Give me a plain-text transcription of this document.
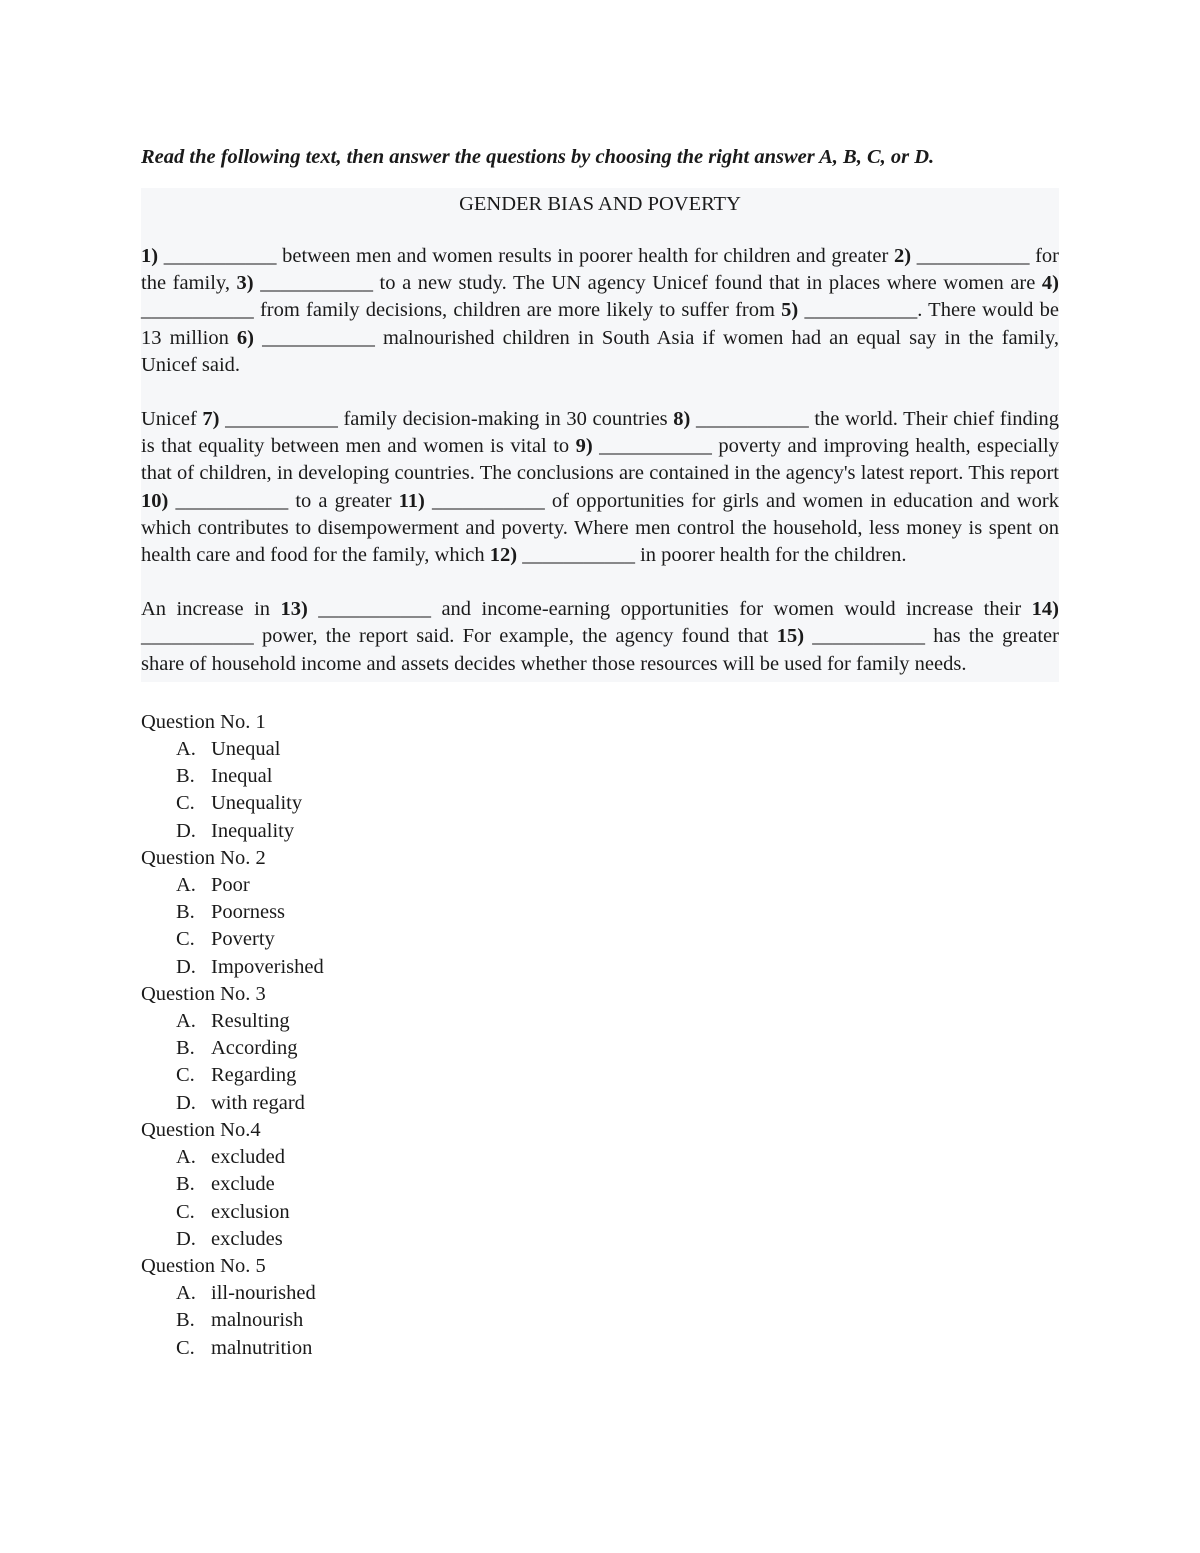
Read the following text, then answer the questions by choosing the right answer A, B, C, or D.

GENDER BIAS AND POVERTY

1) ___________ between men and women results in poorer health for children and greater 2) ___________ for the family, 3) ___________ to a new study. The UN agency Unicef found that in places where women are 4) ___________ from family decisions, children are more likely to suffer from 5) ___________. There would be 13 million 6) ___________ malnourished children in South Asia if women had an equal say in the family, Unicef said.

Unicef 7) ___________ family decision-making in 30 countries 8) ___________ the world. Their chief finding is that equality between men and women is vital to 9) ___________ poverty and improving health, especially that of children, in developing countries. The conclusions are contained in the agency's latest report. This report 10) ___________ to a greater 11) ___________ of opportunities for girls and women in education and work which contributes to disempowerment and poverty. Where men control the household, less money is spent on health care and food for the family, which 12) ___________ in poorer health for the children.

An increase in 13) ___________ and income-earning opportunities for women would increase their 14) ___________ power, the report said. For example, the agency found that 15) ___________ has the greater share of household income and assets decides whether those resources will be used for family needs.

Question No. 1
A. Unequal
B. Inequal
C. Unequality
D. Inequality
Question No. 2
A. Poor
B. Poorness
C. Poverty
D. Impoverished
Question No. 3
A. Resulting
B. According
C. Regarding
D. with regard
Question No.4
A. excluded
B. exclude
C. exclusion
D. excludes
Question No. 5
A. ill-nourished
B. malnourish
C. malnutrition
